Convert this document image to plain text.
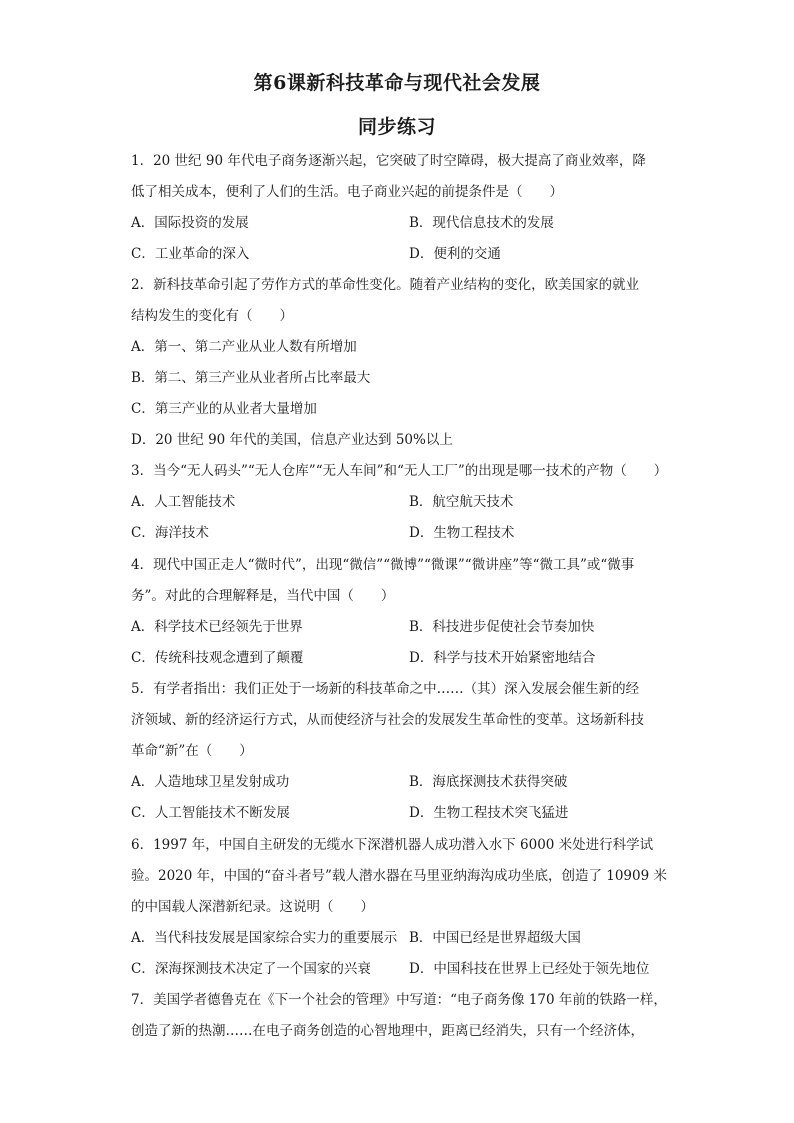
第6课新科技革命与现代社会发展
同步练习
1．20 世纪 90 年代电子商务逐渐兴起，它突破了时空障碍，极大提高了商业效率，降
低了相关成本，便利了人们的生活。电子商业兴起的前提条件是（　　）
A．国际投资的发展	B．现代信息技术的发展
C．工业革命的深入	D．便利的交通
2．新科技革命引起了劳作方式的革命性变化。随着产业结构的变化，欧美国家的就业
结构发生的变化有（　　）
A．第一、第二产业从业人数有所增加
B．第二、第三产业从业者所占比率最大
C．第三产业的从业者大量增加
D．20 世纪 90 年代的美国，信息产业达到 50%以上
3．当今“无人码头”“无人仓库”“无人车间”和“无人工厂”的出现是哪一技术的产物（　　）
A．人工智能技术	B．航空航天技术
C．海洋技术	D．生物工程技术
4．现代中国正走人“微时代”，出现“微信”“微博”“微课”“微讲座”等“微工具”或“微事
务”。对此的合理解释是，当代中国（　　）
A．科学技术已经领先于世界	B．科技进步促使社会节奏加快
C．传统科技观念遭到了颠覆	D．科学与技术开始紧密地结合
5．有学者指出：我们正处于一场新的科技革命之中……（其）深入发展会催生新的经
济领域、新的经济运行方式，从而使经济与社会的发展发生革命性的变革。这场新科技
革命“新”在（　　）
A．人造地球卫星发射成功	B．海底探测技术获得突破
C．人工智能技术不断发展	D．生物工程技术突飞猛进
6．1997 年，中国自主研发的无缆水下深潜机器人成功潜入水下 6000 米处进行科学试
验。2020 年，中国的“奋斗者号”载人潜水器在马里亚纳海沟成功坐底，创造了 10909 米
的中国载人深潜新纪录。这说明（　　）
A．当代科技发展是国家综合实力的重要展示 B．中国已经是世界超级大国
C．深海探测技术决定了一个国家的兴衰	D．中国科技在世界上已经处于领先地位
7．美国学者德鲁克在《下一个社会的管理》中写道：“电子商务像 170 年前的铁路一样，
创造了新的热潮……在电子商务创造的心智地理中，距离已经消失，只有一个经济体，
